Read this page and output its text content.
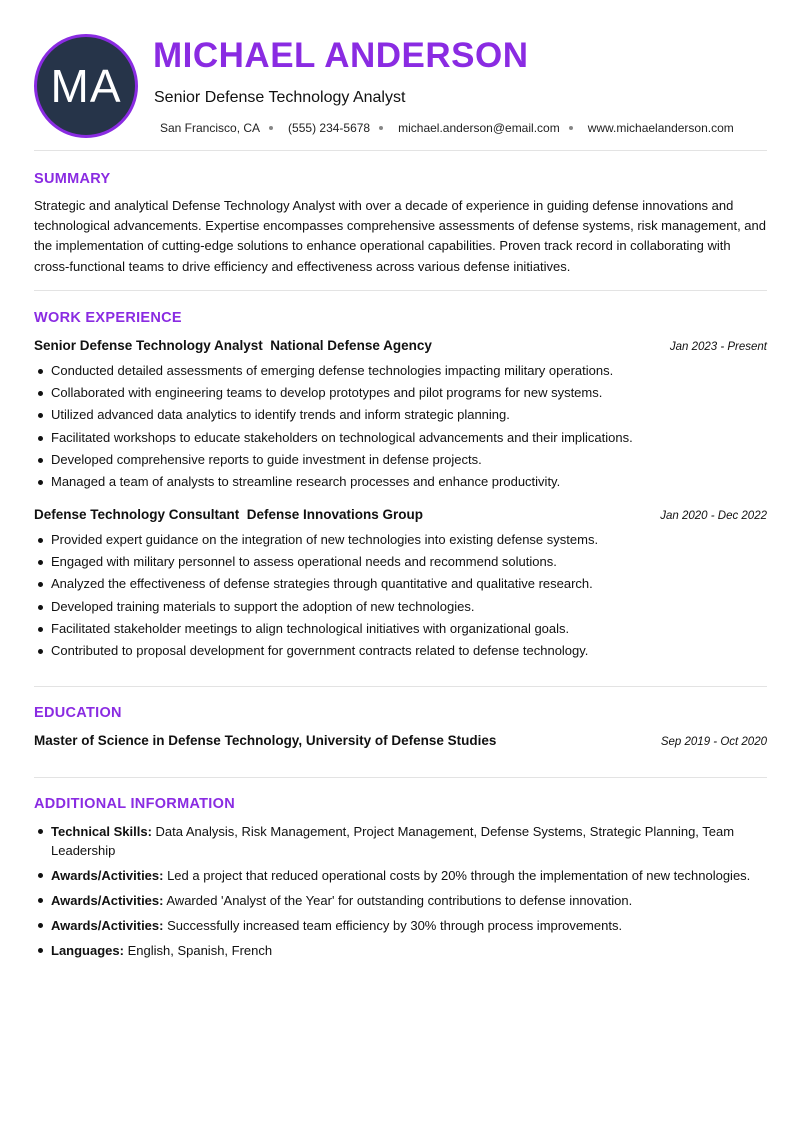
MA
MICHAEL ANDERSON
Senior Defense Technology Analyst
San Francisco, CA (555) 234-5678 michael.anderson@email.com www.michaelanderson.com
SUMMARY
Strategic and analytical Defense Technology Analyst with over a decade of experience in guiding defense innovations and technological advancements. Expertise encompasses comprehensive assessments of defense systems, risk management, and the implementation of cutting-edge solutions to enhance operational capabilities. Proven track record in collaborating with cross-functional teams to drive efficiency and effectiveness across various defense initiatives.
WORK EXPERIENCE
Senior Defense Technology Analyst  National Defense Agency	Jan 2023 - Present
Conducted detailed assessments of emerging defense technologies impacting military operations.
Collaborated with engineering teams to develop prototypes and pilot programs for new systems.
Utilized advanced data analytics to identify trends and inform strategic planning.
Facilitated workshops to educate stakeholders on technological advancements and their implications.
Developed comprehensive reports to guide investment in defense projects.
Managed a team of analysts to streamline research processes and enhance productivity.
Defense Technology Consultant  Defense Innovations Group	Jan 2020 - Dec 2022
Provided expert guidance on the integration of new technologies into existing defense systems.
Engaged with military personnel to assess operational needs and recommend solutions.
Analyzed the effectiveness of defense strategies through quantitative and qualitative research.
Developed training materials to support the adoption of new technologies.
Facilitated stakeholder meetings to align technological initiatives with organizational goals.
Contributed to proposal development for government contracts related to defense technology.
EDUCATION
Master of Science in Defense Technology, University of Defense Studies	Sep 2019 - Oct 2020
ADDITIONAL INFORMATION
Technical Skills: Data Analysis, Risk Management, Project Management, Defense Systems, Strategic Planning, Team Leadership
Awards/Activities: Led a project that reduced operational costs by 20% through the implementation of new technologies.
Awards/Activities: Awarded 'Analyst of the Year' for outstanding contributions to defense innovation.
Awards/Activities: Successfully increased team efficiency by 30% through process improvements.
Languages: English, Spanish, French
